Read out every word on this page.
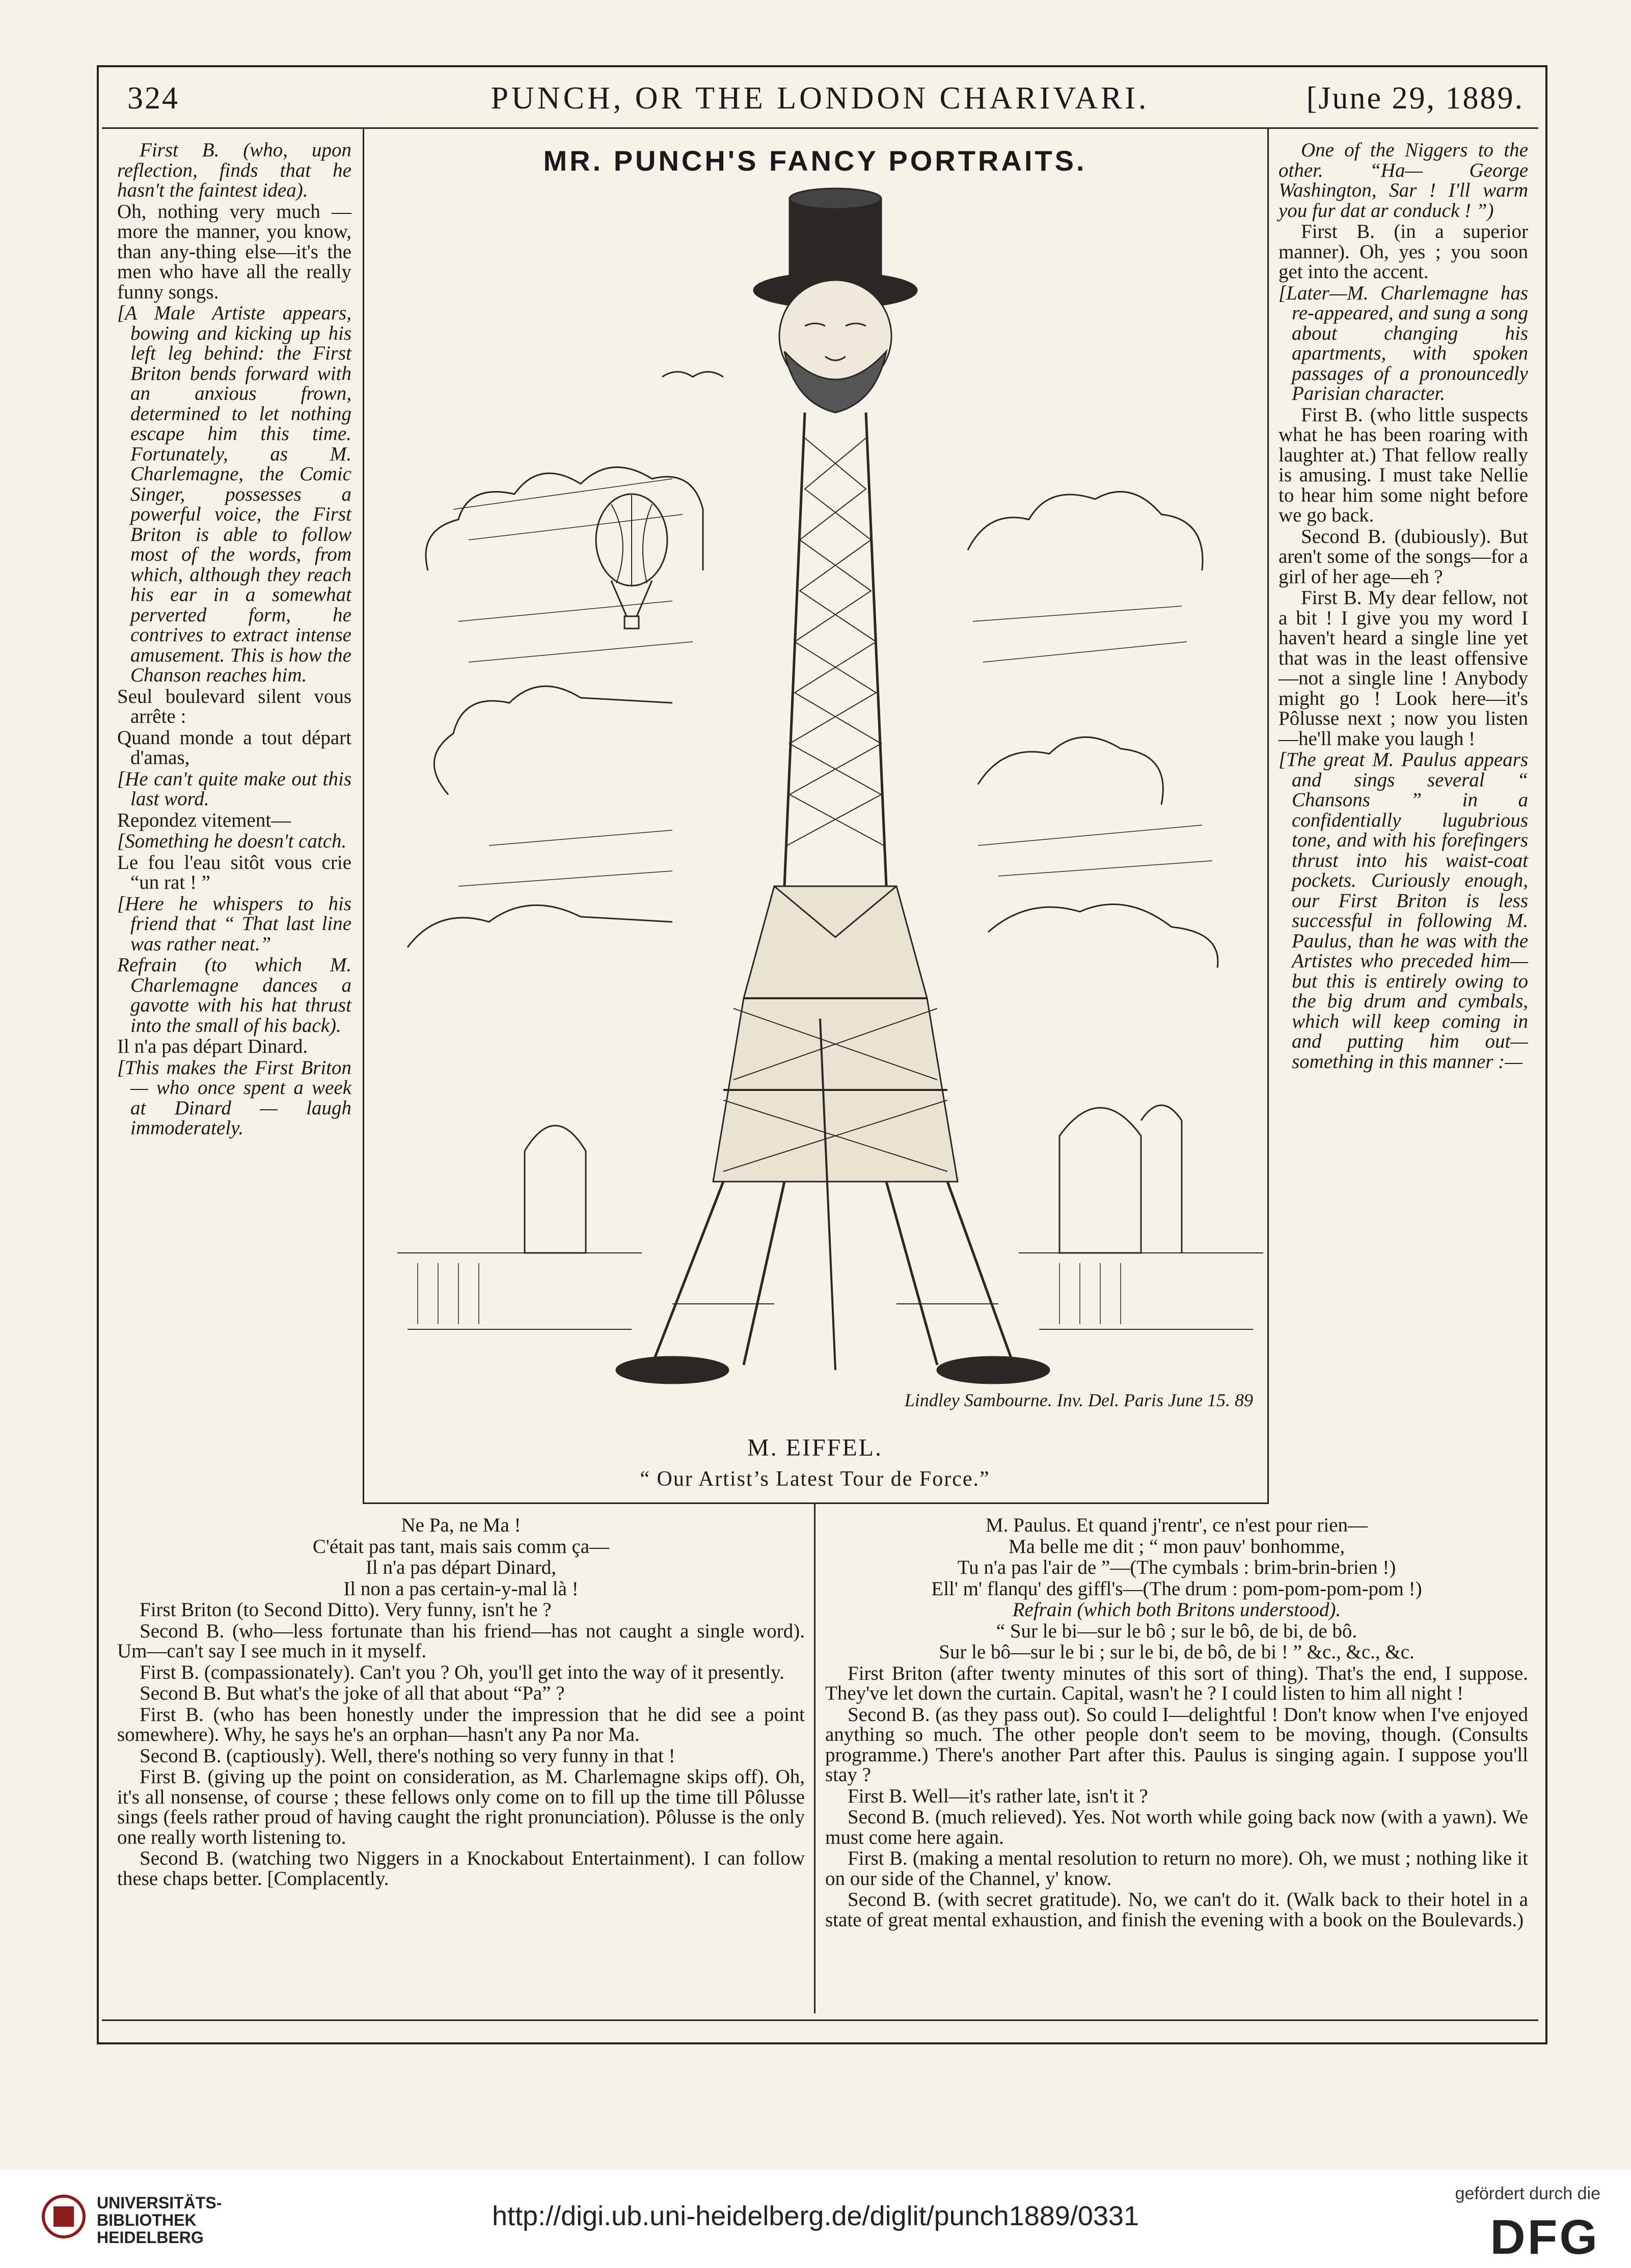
324	PUNCH, OR THE LONDON CHARIVARI.	[June 29, 1889.
MR. PUNCH'S FANCY PORTRAITS.
Lindley Sambourne. Inv. Del. Paris June 15. 89
M. EIFFEL.
“ Our Artist’s Latest Tour de Force.”

First B. (who, upon reflection, finds that he hasn't the faintest idea).

Oh, nothing very much —more the manner, you know, than any-thing else—it's the men who have all the really funny songs.

[A Male Artiste appears, bowing and kicking up his left leg behind: the First Briton bends forward with an anxious frown, determined to let nothing escape him this time. Fortunately, as M. Charlemagne, the Comic Singer, possesses a powerful voice, the First Briton is able to follow most of the words, from which, although they reach his ear in a somewhat perverted form, he contrives to extract intense amusement. This is how the Chanson reaches him.

Seul boulevard silent vous arrête :

Quand monde a tout départ d'amas,

[He can't quite make out this last word.

Repondez vitement—

[Something he doesn't catch.

Le fou l'eau sitôt vous crie “un rat ! ”

[Here he whispers to his friend that “ That last line was rather neat.”

Refrain (to which M. Charlemagne dances a gavotte with his hat thrust into the small of his back).

Il n'a pas départ Dinard.

[This makes the First Briton — who once spent a week at Dinard — laugh immoderately.

One of the Niggers to the other. “Ha— George Washington, Sar ! I'll warm you fur dat ar conduck ! ”)

First B. (in a superior manner). Oh, yes ; you soon get into the accent.

[Later—M. Charlemagne has re-appeared, and sung a song about changing his apartments, with spoken passages of a pronouncedly Parisian character.

First B. (who little suspects what he has been roaring with laughter at.) That fellow really is amusing. I must take Nellie to hear him some night before we go back.

Second B. (dubiously). But aren't some of the songs—for a girl of her age—eh ?

First B. My dear fellow, not a bit ! I give you my word I haven't heard a single line yet that was in the least offensive—not a single line ! Anybody might go ! Look here—it's Pôlusse next ; now you listen—he'll make you laugh !

[The great M. Paulus appears and sings several “ Chansons ” in a confidentially lugubrious tone, and with his forefingers thrust into his waist-coat pockets. Curiously enough, our First Briton is less successful in following M. Paulus, than he was with the Artistes who preceded him—but this is entirely owing to the big drum and cymbals, which will keep coming in and putting him out— something in this manner :—

Ne Pa, ne Ma !

C'était pas tant, mais sais comm ça—

Il n'a pas départ Dinard,

Il non a pas certain-y-mal là !

First Briton (to Second Ditto). Very funny, isn't he ?

Second B. (who—less fortunate than his friend—has not caught a single word). Um—can't say I see much in it myself.

First B. (compassionately). Can't you ? Oh, you'll get into the way of it presently.

Second B. But what's the joke of all that about “Pa” ?

First B. (who has been honestly under the impression that he did see a point somewhere). Why, he says he's an orphan—hasn't any Pa nor Ma.

Second B. (captiously). Well, there's nothing so very funny in that !

First B. (giving up the point on consideration, as M. Charlemagne skips off). Oh, it's all nonsense, of course ; these fellows only come on to fill up the time till Pôlusse sings (feels rather proud of having caught the right pronunciation). Pôlusse is the only one really worth listening to.

Second B. (watching two Niggers in a Knockabout Entertainment). I can follow these chaps better. [Complacently.

M. Paulus. Et quand j'rentr', ce n'est pour rien—

Ma belle me dit ; “ mon pauv' bonhomme,

Tu n'a pas l'air de ”—(The cymbals : brim-brin-brien !)

Ell' m' flanqu' des giffl's—(The drum : pom-pom-pom-pom !)

Refrain (which both Britons understood).

“ Sur le bi—sur le bô ; sur le bô, de bi, de bô.

Sur le bô—sur le bi ; sur le bi, de bô, de bi ! ” &c., &c., &c.

First Briton (after twenty minutes of this sort of thing). That's the end, I suppose. They've let down the curtain. Capital, wasn't he ? I could listen to him all night !

Second B. (as they pass out). So could I—delightful ! Don't know when I've enjoyed anything so much. The other people don't seem to be moving, though. (Consults programme.) There's another Part after this. Paulus is singing again. I suppose you'll stay ?

First B. Well—it's rather late, isn't it ?

Second B. (much relieved). Yes. Not worth while going back now (with a yawn). We must come here again.

First B. (making a mental resolution to return no more). Oh, we must ; nothing like it on our side of the Channel, y' know.

Second B. (with secret gratitude). No, we can't do it. (Walk back to their hotel in a state of great mental exhaustion, and finish the evening with a book on the Boulevards.)

UNIVERSITÄTS-
BIBLIOTHEK
HEIDELBERG
http://digi.ub.uni-heidelberg.de/diglit/punch1889/0331
gefördert durch die
DFG
